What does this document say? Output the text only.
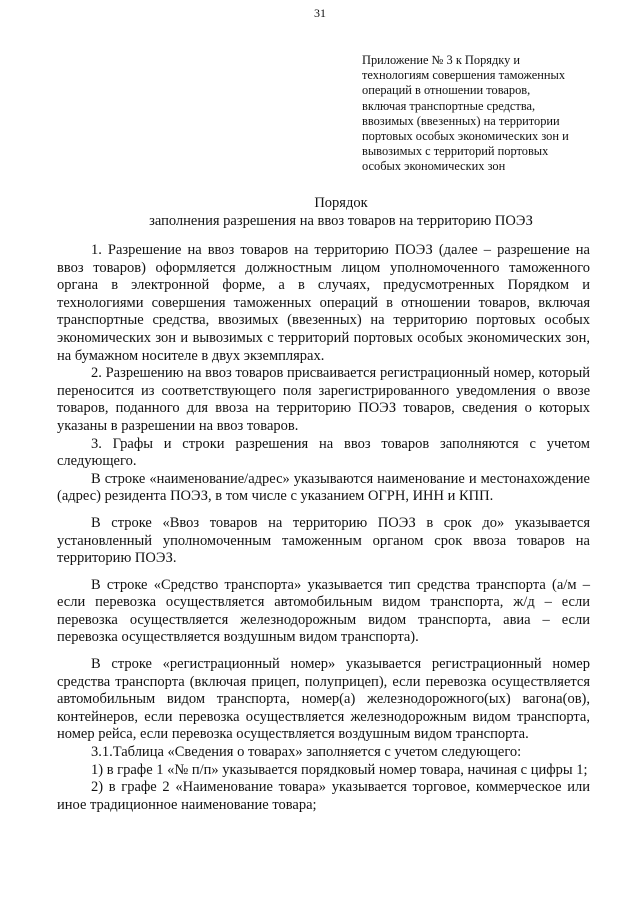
31
Приложение № 3 к Порядку и
технологиям совершения таможенных
операций в отношении товаров,
включая транспортные средства,
ввозимых (ввезенных) на территории
портовых особых экономических зон и
вывозимых с территорий портовых
особых экономических зон
Порядок
заполнения разрешения на ввоз товаров на территорию ПОЭЗ

1. Разрешение на ввоз товаров на территорию ПОЭЗ (далее – разрешение на ввоз товаров) оформляется должностным лицом уполномоченного таможенного органа в электронной форме, а в случаях, предусмотренных Порядком и технологиями совершения таможенных операций в отношении товаров, включая транспортные средства, ввозимых (ввезенных) на территорию портовых особых экономических зон и вывозимых с территорий портовых особых экономических зон, на бумажном носителе в двух экземплярах.

2. Разрешению на ввоз товаров присваивается регистрационный номер, который переносится из соответствующего поля зарегистрированного уведомления о ввозе товаров, поданного для ввоза на территорию ПОЭЗ товаров, сведения о которых указаны в разрешении на ввоз товаров.

3. Графы и строки разрешения на ввоз товаров заполняются с учетом следующего.

В строке «наименование/адрес» указываются наименование и местонахождение (адрес) резидента ПОЭЗ, в том числе с указанием ОГРН, ИНН и КПП.

В строке «Ввоз товаров на территорию ПОЭЗ в срок до» указывается установленный уполномоченным таможенным органом срок ввоза товаров на территорию ПОЭЗ.

В строке «Средство транспорта» указывается тип средства транспорта (а/м – если перевозка осуществляется автомобильным видом транспорта, ж/д – если перевозка осуществляется железнодорожным видом транспорта, авиа – если перевозка осуществляется воздушным видом транспорта).

В строке «регистрационный номер» указывается регистрационный номер средства транспорта (включая прицеп, полуприцеп), если перевозка осуществляется автомобильным видом транспорта, номер(а) железнодорожного(ых) вагона(ов), контейнеров, если перевозка осуществляется железнодорожным видом транспорта, номер рейса, если перевозка осуществляется воздушным видом транспорта.

3.1.Таблица «Сведения о товарах» заполняется с учетом следующего:

1) в графе 1 «№ п/п» указывается порядковый номер товара, начиная с цифры 1;

2) в графе 2 «Наименование товара» указывается торговое, коммерческое или иное традиционное наименование товара;
